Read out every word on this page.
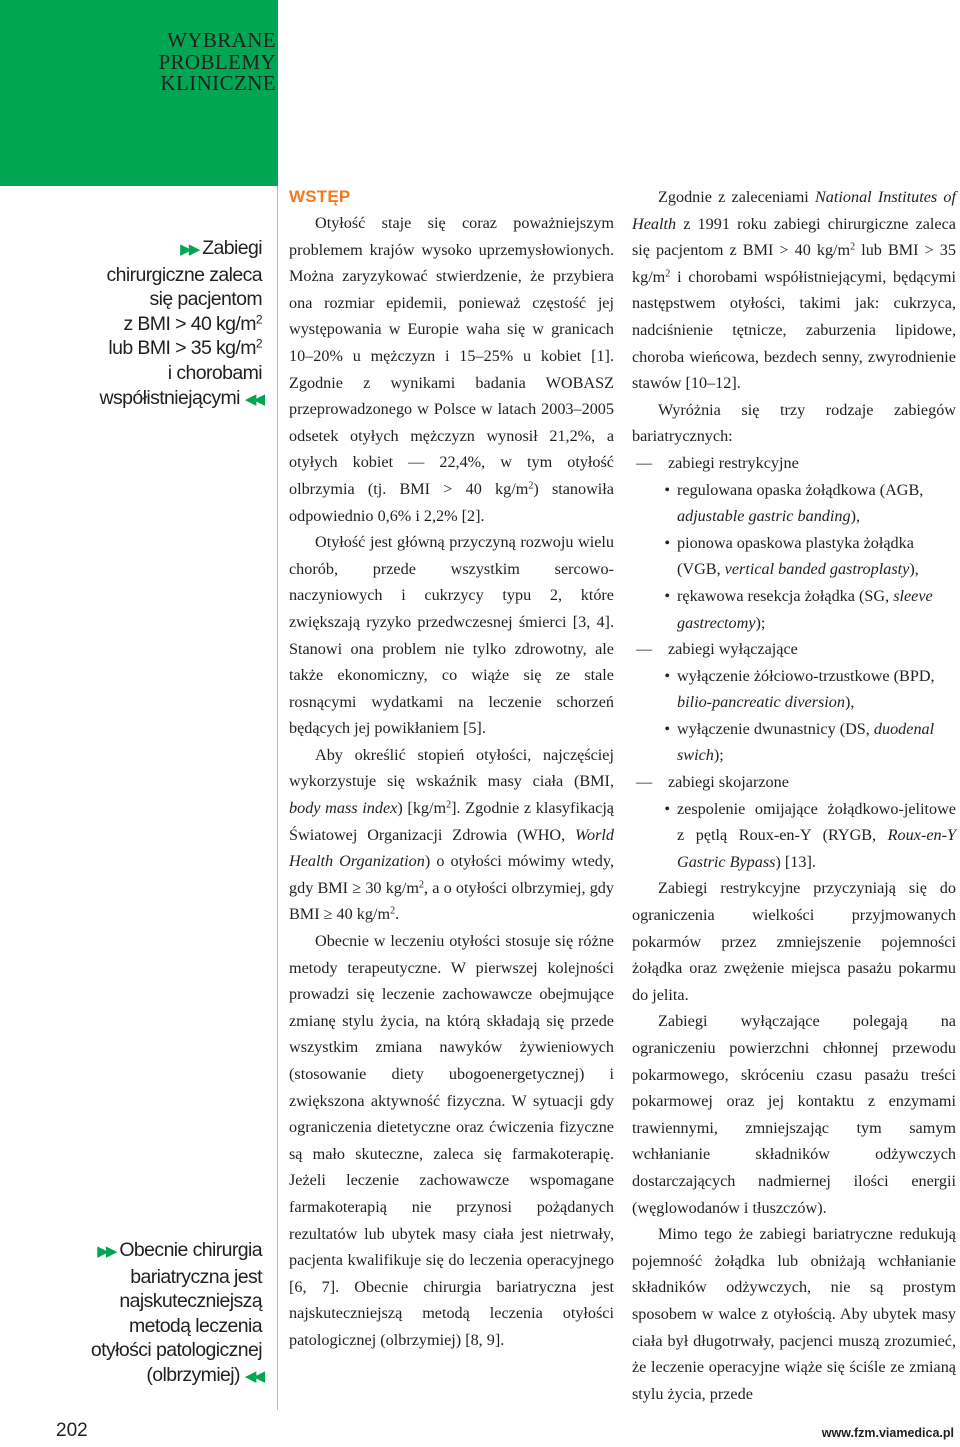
WYBRANE
PROBLEMY
KLINICZNE
▶▶ Zabiegi
chirurgiczne zaleca
się pacjentom
z BMI > 40 $kg/m^2$
lub BMI > 35 $kg/m^2$
i chorobami
współistniejącymi ◀◀
▶▶ Obecnie chirurgia
bariatryczna jest
najskuteczniejszą
metodą leczenia
otyłości patologicznej
(olbrzymiej) ◀◀
WSTĘP

Otyłość staje się coraz poważniejszym problemem krajów wysoko uprzemysłowionych. Można zaryzykować stwierdzenie, że przybiera ona rozmiar epidemii, ponieważ częstość jej występowania w Europie waha się w granicach 10–20% u mężczyzn i 15–25% u kobiet [1]. Zgodnie z wynikami badania WOBASZ przeprowadzonego w Polsce w latach 2003–2005 odsetek otyłych mężczyzn wynosił 21,2%, a otyłych kobiet — 22,4%, w tym otyłość olbrzymia (tj. BMI > 40 $kg/m^2$) stanowiła odpowiednio 0,6% i 2,2% [2].

Otyłość jest główną przyczyną rozwoju wielu chorób, przede wszystkim sercowo-naczyniowych i cukrzycy typu 2, które zwiększają ryzyko przedwczesnej śmierci [3, 4]. Stanowi ona problem nie tylko zdrowotny, ale także ekonomiczny, co wiąże się ze stale rosnącymi wydatkami na leczenie schorzeń będących jej powikłaniem [5].

Aby określić stopień otyłości, najczęściej wykorzystuje się wskaźnik masy ciała (BMI, body mass index) $[kg/m^2]$. Zgodnie z klasyfikacją Światowej Organizacji Zdrowia (WHO, World Health Organization) o otyłości mówimy wtedy, gdy BMI ≥ 30 $kg/m^2$, a o otyłości olbrzymiej, gdy BMI ≥ 40 $kg/m^2$.

Obecnie w leczeniu otyłości stosuje się różne metody terapeutyczne. W pierwszej kolejności prowadzi się leczenie zachowawcze obejmujące zmianę stylu życia, na którą składają się przede wszystkim zmiana nawyków żywieniowych (stosowanie diety ubogoenergetycznej) i zwiększona aktywność fizyczna. W sytuacji gdy ograniczenia dietetyczne oraz ćwiczenia fizyczne są mało skuteczne, zaleca się farmakoterapię. Jeżeli leczenie zachowawcze wspomagane farmakoterapią nie przynosi pożądanych rezultatów lub ubytek masy ciała jest nietrwały, pacjenta kwalifikuje się do leczenia operacyjnego [6, 7]. Obecnie chirurgia bariatryczna jest najskuteczniejszą metodą leczenia otyłości patologicznej (olbrzymiej) [8, 9].

Zgodnie z zaleceniami National Institutes of Health z 1991 roku zabiegi chirurgiczne zaleca się pacjentom z BMI > 40 $kg/m^2$ lub BMI > 35 $kg/m^2$ i chorobami współistniejącymi, będącymi następstwem otyłości, takimi jak: cukrzyca, nadciśnienie tętnicze, zaburzenia lipidowe, choroba wieńcowa, bezdech senny, zwyrodnienie stawów [10–12].

Wyróżnia się trzy rodzaje zabiegów bariatrycznych:

— zabiegi restrykcyjne
• regulowana opaska żołądkowa (AGB,
adjustable gastric banding),
• pionowa opaskowa plastyka żołądka
(VGB, vertical banded gastroplasty),
• rękawowa resekcja żołądka (SG, sleeve
gastrectomy);
— zabiegi wyłączające
• wyłączenie żółciowo-trzustkowe (BPD,
bilio-pancreatic diversion),
• wyłączenie dwunastnicy (DS, duodenal
swich);
— zabiegi skojarzone
• zespolenie omijające żołądkowo-jelitowe z pętlą Roux-en-Y (RYGB, Roux-en-Y Gastric Bypass) [13].

Zabiegi restrykcyjne przyczyniają się do ograniczenia wielkości przyjmowanych pokarmów przez zmniejszenie pojemności żołądka oraz zwężenie miejsca pasażu pokarmu do jelita.

Zabiegi wyłączające polegają na ograniczeniu powierzchni chłonnej przewodu pokarmowego, skróceniu czasu pasażu treści pokarmowej oraz jej kontaktu z enzymami trawiennymi, zmniejszając tym samym wchłanianie składników odżywczych dostarczających nadmiernej ilości energii (węglowodanów i tłuszczów).

Mimo tego że zabiegi bariatryczne redukują pojemność żołądka lub obniżają wchłanianie składników odżywczych, nie są prostym sposobem w walce z otyłością. Aby ubytek masy ciała był długotrwały, pacjenci muszą zrozumieć, że leczenie operacyjne wiąże się ściśle ze zmianą stylu życia, przede

202	www.fzm.viamedica.pl
